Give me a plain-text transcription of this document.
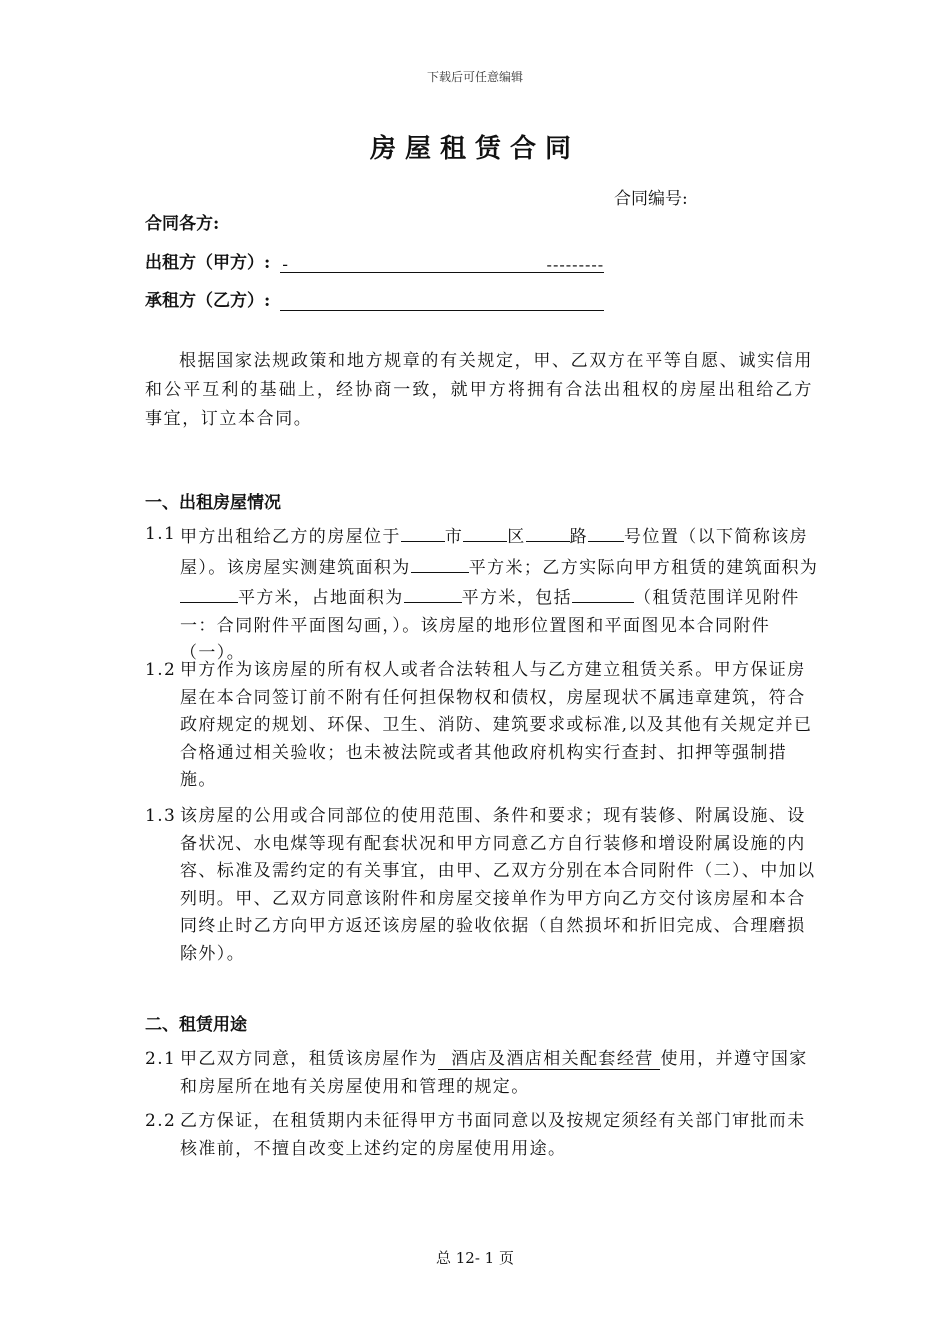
下载后可任意编辑
房屋租赁合同
合同编号:
合同各方:
出租方（甲方）: -	---------
承租方（乙方）:
根据国家法规政策和地方规章的有关规定，甲、乙双方在平等自愿、诚实信用和公平互利的基础上，经协商一致，就甲方将拥有合法出租权的房屋出租给乙方事宜，订立本合同。
一、出租房屋情况
1.1 甲方出租给乙方的房屋位于	市	区	路 号位置（以下简称该房屋）。该房屋实测建筑面积为	平方米；乙方实际向甲方租赁的建筑面积为平方米，占地面积为	平方米，包括	（租赁范围详见附件一：合同附件平面图勾画，）。该房屋的地形位置图和平面图见本合同附件（一）。
1.2 甲方作为该房屋的所有权人或者合法转租人与乙方建立租赁关系。甲方保证房屋在本合同签订前不附有任何担保物权和债权，房屋现状不属违章建筑，符合政府规定的规划、环保、卫生、消防、建筑要求或标准,以及其他有关规定并已合格通过相关验收；也未被法院或者其他政府机构实行查封、扣押等强制措施。
1.3 该房屋的公用或合同部位的使用范围、条件和要求；现有装修、附属设施、设备状况、水电煤等现有配套状况和甲方同意乙方自行装修和增设附属设施的内容、标准及需约定的有关事宜，由甲、乙双方分别在本合同附件（二）、中加以列明。甲、乙双方同意该附件和房屋交接单作为甲方向乙方交付该房屋和本合同终止时乙方向甲方返还该房屋的验收依据（自然损坏和折旧完成、合理磨损除外）。
二、租赁用途
2.1 甲乙双方同意，租赁该房屋作为 酒店及酒店相关配套经营 使用，并遵守国家和房屋所在地有关房屋使用和管理的规定。
2.2 乙方保证，在租赁期内未征得甲方书面同意以及按规定须经有关部门审批而未核准前，不擅自改变上述约定的房屋使用用途。
总 12- 1 页
